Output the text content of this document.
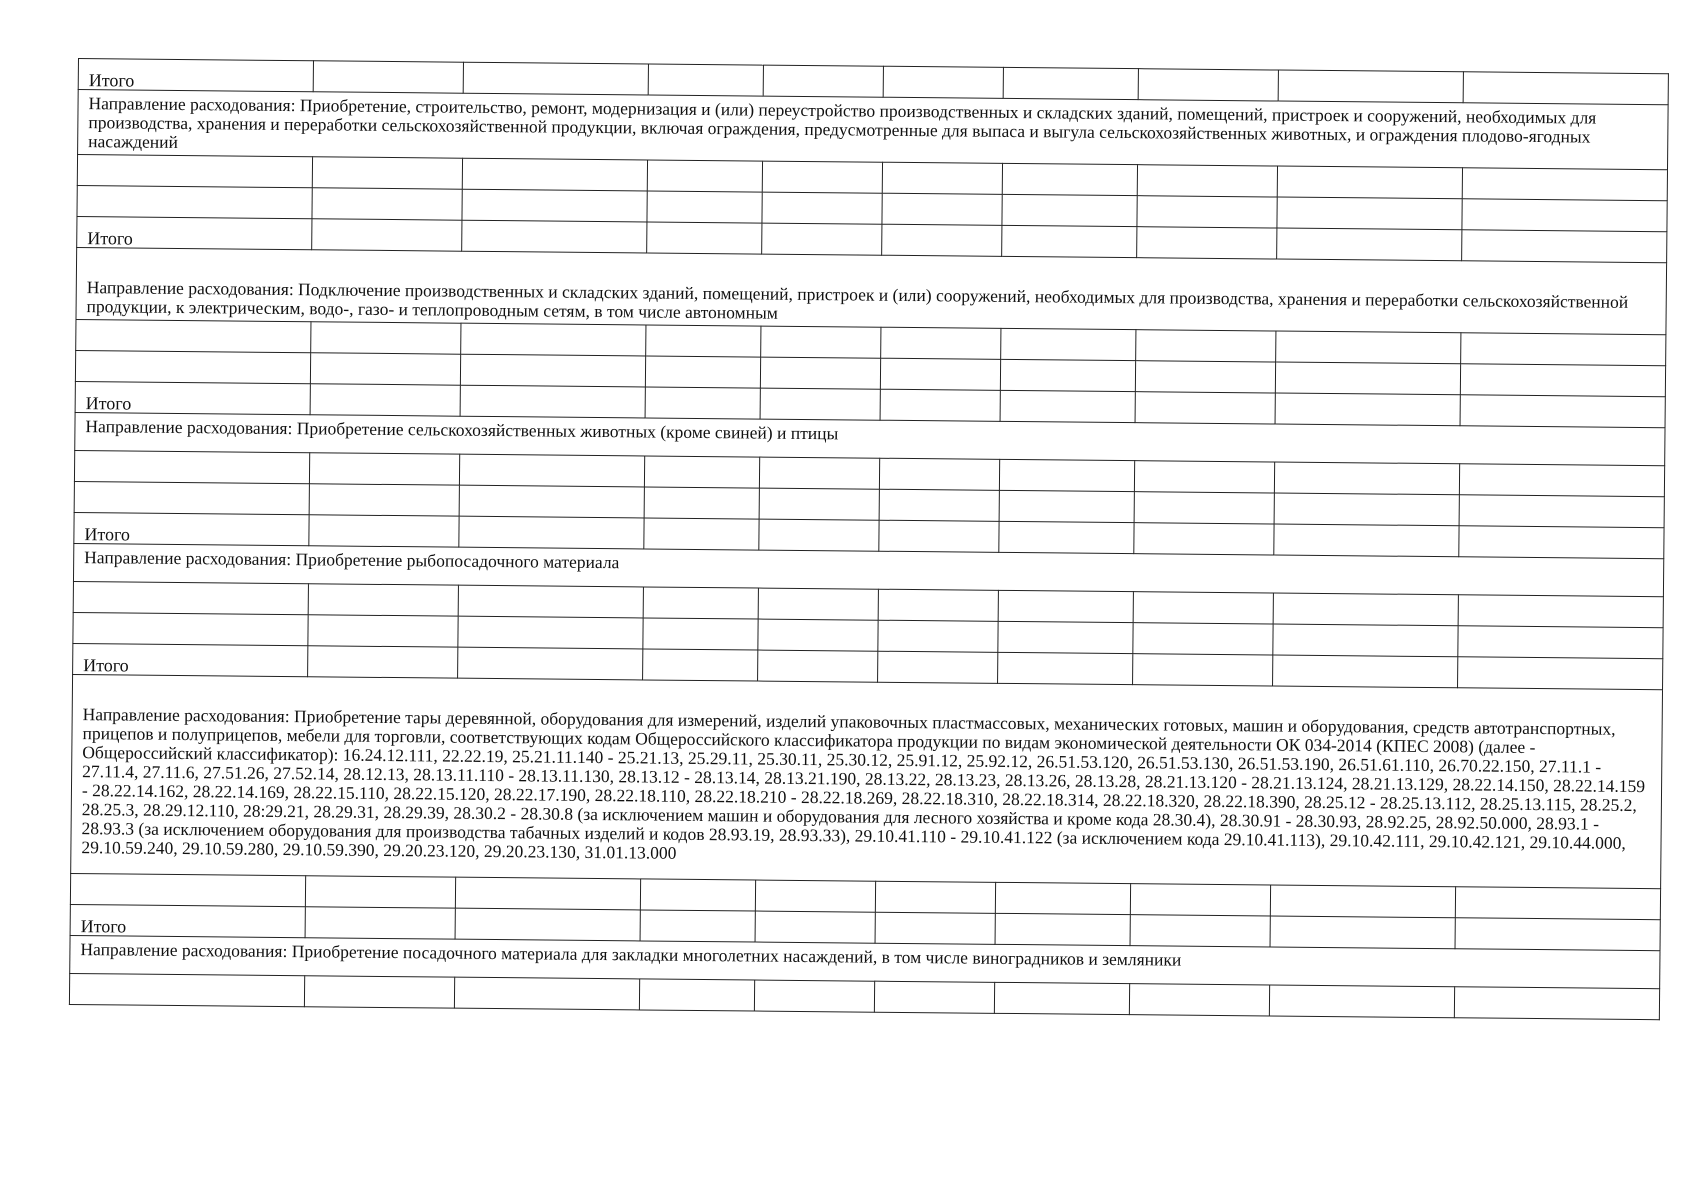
Итого									
Направление расходования: Приобретение, строительство, ремонт, модернизация и (или) переустройство производственных и складских зданий, помещений, пристроек и сооружений, необходимых для производства, хранения и переработки сельскохозяйственной продукции, включая ограждения, предусмотренные для выпаса и выгула сельскохозяйственных животных, и ограждения плодово-ягодных насаждений									

Итого									

Направление расходования: Подключение производственных и складских зданий, помещений, пристроек и (или) сооружений, необходимых для производства, хранения и переработки сельскохозяйственной продукции, к электрическим, водо-, газо- и теплопроводным сетям, в том числе автономным									

Итого									
Направление расходования: Приобретение сельскохозяйственных животных (кроме свиней) и птицы									

Итого									
Направление расходования: Приобретение рыбопосадочного материала									

Итого									

Направление расходования: Приобретение тары деревянной, оборудования для измерений, изделий упаковочных пластмассовых, механических готовых, машин и оборудования, средств автотранспортных, прицепов и полуприцепов, мебели для торговли, соответствующих кодам Общероссийского классификатора продукции по видам экономической деятельности ОК 034-2014 (КПЕС 2008) (далее - Общероссийский классификатор): 16.24.12.111, 22.22.19, 25.21.11.140 - 25.21.13, 25.29.11, 25.30.11, 25.30.12, 25.91.12, 25.92.12, 26.51.53.120, 26.51.53.130, 26.51.53.190, 26.51.61.110, 26.70.22.150, 27.11.1 - 27.11.4, 27.11.6, 27.51.26, 27.52.14, 28.12.13, 28.13.11.110 - 28.13.11.130, 28.13.12 - 28.13.14, 28.13.21.190, 28.13.22, 28.13.23, 28.13.26, 28.13.28, 28.21.13.120 - 28.21.13.124, 28.21.13.129, 28.22.14.150, 28.22.14.159 - 28.22.14.162, 28.22.14.169, 28.22.15.110, 28.22.15.120, 28.22.17.190, 28.22.18.110, 28.22.18.210 - 28.22.18.269, 28.22.18.310, 28.22.18.314, 28.22.18.320, 28.22.18.390, 28.25.12 - 28.25.13.112, 28.25.13.115, 28.25.2, 28.25.3, 28.29.12.110, 28:29.21, 28.29.31, 28.29.39, 28.30.2 - 28.30.8 (за исключением машин и оборудования для лесного хозяйства и кроме кода 28.30.4), 28.30.91 - 28.30.93, 28.92.25, 28.92.50.000, 28.93.1 - 28.93.3 (за исключением оборудования для производства табачных изделий и кодов 28.93.19, 28.93.33), 29.10.41.110 - 29.10.41.122 (за исключением кода 29.10.41.113), 29.10.42.111, 29.10.42.121, 29.10.44.000, 29.10.59.240, 29.10.59.280, 29.10.59.390, 29.20.23.120, 29.20.23.130, 31.01.13.000									

Итого									
Направление расходования: Приобретение посадочного материала для закладки многолетних насаждений, в том числе виноградников и земляники									
